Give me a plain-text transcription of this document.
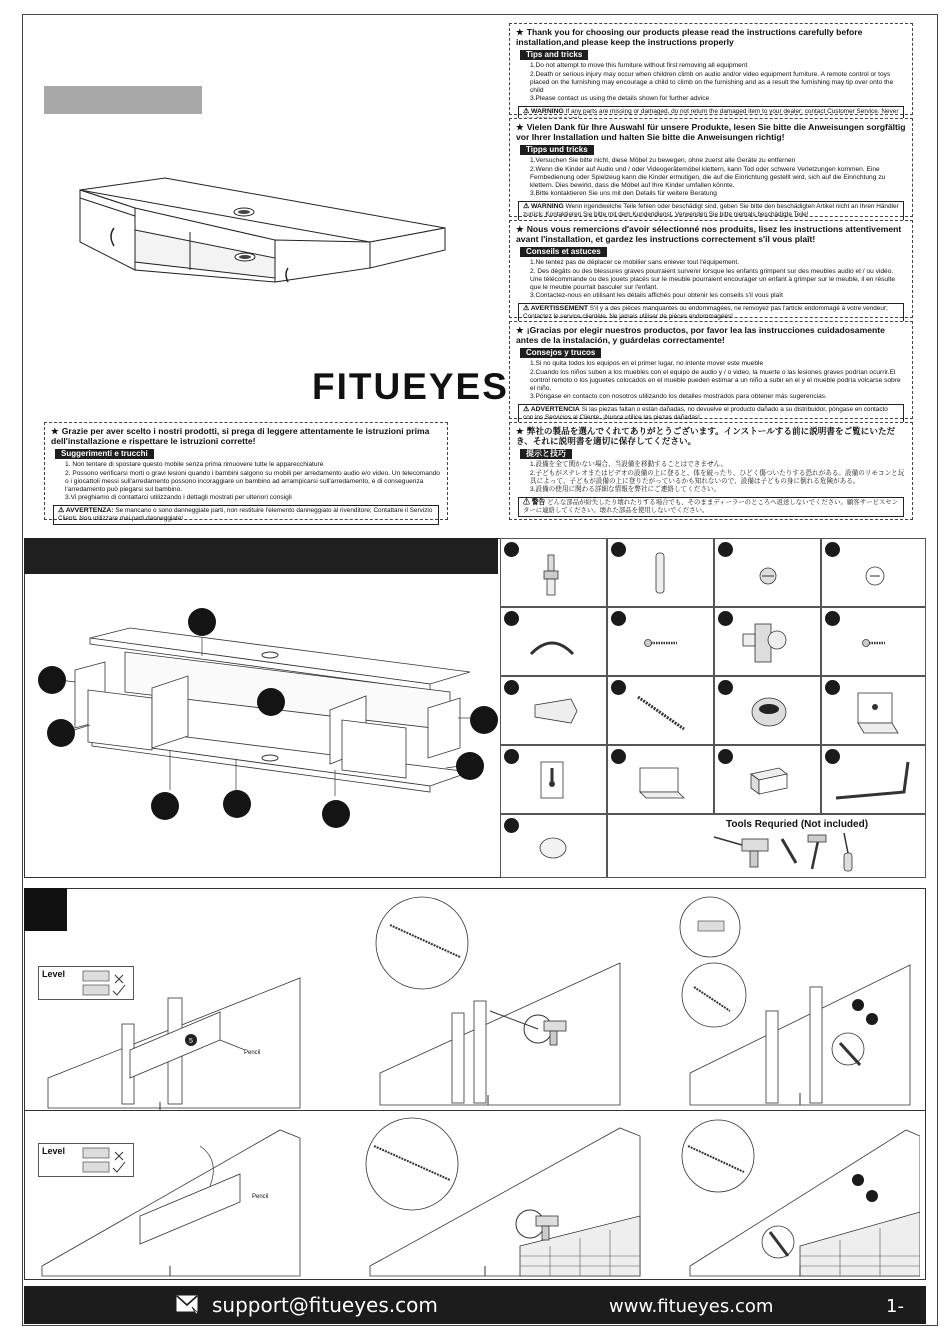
FITUEYES
★ Thank you for choosing our products please read the instructions carefully before installation,and please keep the instructions properly
Tips and tricks
1.Do not attempt to move this furniture without first removing all equipment
2.Death or serious injury may occur when children climb on audio and/or video equipment furniture. A remote control or toys placed on the furnishing may encourage a child to climb on the furnishing and as a result the furnishing may tip over onto the child
3.Please contact us using the details shown for further advice
⚠ WARNING If any parts are missing or damaged, do not return the damaged item to your dealer; contact Customer Service. Never
★ Vielen Dank für Ihre Auswahl für unsere Produkte, lesen Sie bitte die Anweisungen sorgfältig vor Ihrer Installation und halten Sie bitte die Anweisungen richtig!
Tipps und tricks
1.Versuchen Sie bitte nicht, diese Möbel zu bewegen, ohne zuerst alle Geräte zu entfernen
2.Wenn die Kinder auf Audio und / oder Videogerätemöbel klettern, kann Tod oder schwere Verletzungen kommen. Eine Fernbedienung oder Spielzeug kann die Kinder ermutigen, die auf die Einrichtung gestellt wird, sich auf die Einrichtung zu klettern. Dies bewirkt, dass die Möbel auf Ihre Kinder umfallen könnte.
3.Bitte kontaktieren Sie uns mit den Details für weitere Beratung
⚠ WARNING Wenn irgendwelche Teile fehlen oder beschädigt sind, geben Sie bitte den beschädigten Artikel nicht an Ihren Händler zurück; Kontaktieren Sie bitte mit dem Kundendienst. Verwenden Sie bitte niemals beschädigte Teile!
★ Nous vous remercions d'avoir sélectionné nos produits, lisez les instructions attentivement avant l'installation, et gardez les instructions correctement s'il vous plaît!
Conseils et astuces
1.Ne tentez pas de déplacer ce mobilier sans enlever tout l'équipement.
2. Des dégâts ou des blessures graves pourraient survenir lorsque les enfants grimpent sur des meubles audio et / ou vidéo. Une télécommande ou des jouets placés sur le meuble pourraient encourager un enfant à grimper sur le meuble, il en résulte que le meuble pourrait basculer sur l'enfant.
3.Contactez-nous en utilisant les détails affichés pour obtenir les conseils s'il vous plaît
⚠ AVERTISSEMENT S'il y a des pièces manquantes ou endommagées, ne renvoyez pas l'article endommagé à votre vendeur; Contactez le service clientèle. Ne jamais utiliser de pièces endommagées!
★ ¡Gracias por elegir nuestros productos, por favor lea las instrucciones cuidadosamente antes de la instalación, y guárdelas correctamente!
Consejos y trucos
1.Si no quita todos los equipos en el primer lugar, no intente mover este mueble
2.Cuando los niños suben a los muebles con el equipo de audio y / o video, la muerte o las lesiones graves podrían ocurrir.El control remoto o los juguetes colocados en el mueble pueden estimar a un niño a subir en el y el mueble podría volcarse sobre el niño.
3.Póngase en contacto con nosotros utilizando los detalles mostrados para obtener más sugerencias.
⚠ ADVERTENCIA Si las piezas faltan o están dañadas, no devuelve el producto dañado a su distribuidor, póngase en contacto con los Servicios al Cliente. ¡Nunca utilice las piezas dañadas!
★ 弊社の製品を選んでくれてありがとうございます。インストールする前に説明書をご覧にいただき、それに説明書を適切に保存してください。
提示と技巧
1.設備を全て関かない場合、当設備を移動することはできません。
2.子どもがステレオまたはビデオの設備の上に登ると、体を破ったり、ひどく傷ついたりする恐れがある。設備のリモコンと玩具によって、子どもが設備の上に登りたがっているかも知れないので、設備は子どもの身に倒れる危険がある。
3.設備の使用に関わる詳細な情報を弊社にご連絡してください。
⚠ 警告 どんな部品が紛失したり壊れたりする場合でも、そのままディーラーのところへ返送しないでください。顧客サービスセンターに連絡してください。壊れた部品を使用しないでください。
★ Grazie per aver scelto i nostri prodotti, si prega di leggere attentamente le istruzioni prima dell'installazione e rispettare le istruzioni corrette!
Suggerimenti e trucchi
1. Non tentare di spostare questo mobile senza prima rimuovere tutte le apparecchiature
2. Possono verificarsi morti o gravi lesioni quando i bambini salgono su mobili per arredamento audio e/o video. Un telecomando o i giocattoli messi sull'arredamento possono incoraggiare un bambino ad arrampicarsi sull'arredamento, e di conseguenza l'arredamento può piegarsi sul bambino.
3.Vi preghiamo di contattarci utilizzando i dettagli mostrati per ulteriori consigli
⚠ AVVERTENZA: Se mancano o sono danneggiate parti, non restituire l'elemento danneggiato al rivenditore; Contattare il Servizio Clienti. Non utilizzare mai parti danneggiate!
Tools Requried (Not included)
5
Level
Pencil
Level
Pencil
support@fitueyes.com	www.fitueyes.com	1-
